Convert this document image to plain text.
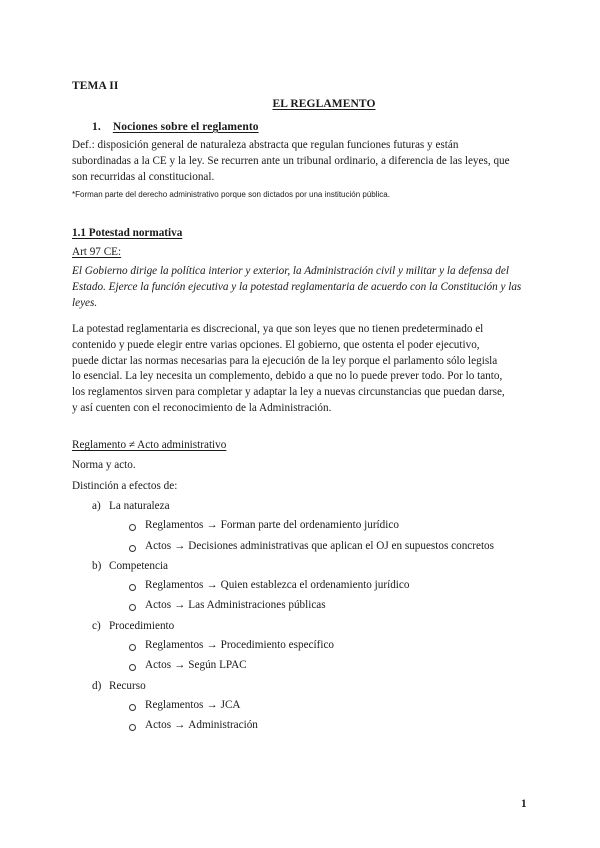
TEMA II
EL REGLAMENTO
1. Nociones sobre el reglamento
Def.: disposición general de naturaleza abstracta que regulan funciones futuras y están
subordinadas a la CE y la ley. Se recurren ante un tribunal ordinario, a diferencia de las leyes, que
son recurridas al constitucional.
*Forman parte del derecho administrativo porque son dictados por una institución pública.
1.1 Potestad normativa
Art 97 CE:
El Gobierno dirige la política interior y exterior, la Administración civil y militar y la defensa del
Estado. Ejerce la función ejecutiva y la potestad reglamentaria de acuerdo con la Constitución y las
leyes.
La potestad reglamentaria es discrecional, ya que son leyes que no tienen predeterminado el
contenido y puede elegir entre varias opciones. El gobierno, que ostenta el poder ejecutivo,
puede dictar las normas necesarias para la ejecución de la ley porque el parlamento sólo legisla
lo esencial. La ley necesita un complemento, debido a que no lo puede prever todo. Por lo tanto,
los reglamentos sirven para completar y adaptar la ley a nuevas circunstancias que puedan darse,
y así cuenten con el reconocimiento de la Administración.
Reglamento ≠ Acto administrativo
Norma y acto.
Distinción a efectos de:
a) La naturaleza
Reglamentos → Forman parte del ordenamiento jurídico
Actos → Decisiones administrativas que aplican el OJ en supuestos concretos
b) Competencia
Reglamentos → Quien establezca el ordenamiento jurídico
Actos → Las Administraciones públicas
c) Procedimiento
Reglamentos → Procedimiento específico
Actos → Según LPAC
d) Recurso
Reglamentos → JCA
Actos → Administración
1
